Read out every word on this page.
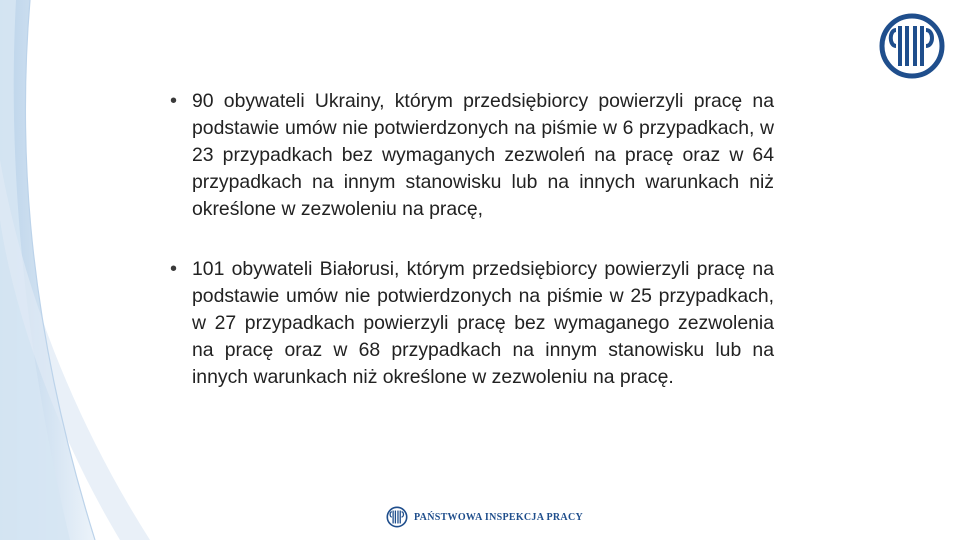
• 90 obywateli Ukrainy, którym przedsiębiorcy powierzyli pracę na podstawie umów nie potwierdzonych na piśmie w 6 przypadkach, w 23 przypadkach bez wymaganych zezwoleń na pracę oraz w 64 przypadkach na innym stanowisku lub na innych warunkach niż określone w zezwoleniu na pracę,

• 101 obywateli Białorusi, którym przedsiębiorcy powierzyli pracę na podstawie umów nie potwierdzonych na piśmie w 25 przypadkach, w 27 przypadkach powierzyli pracę bez wymaganego zezwolenia na pracę oraz w 68 przypadkach na innym stanowisku lub na innych warunkach niż określone w zezwoleniu na pracę.

PAŃSTWOWA INSPEKCJA PRACY
